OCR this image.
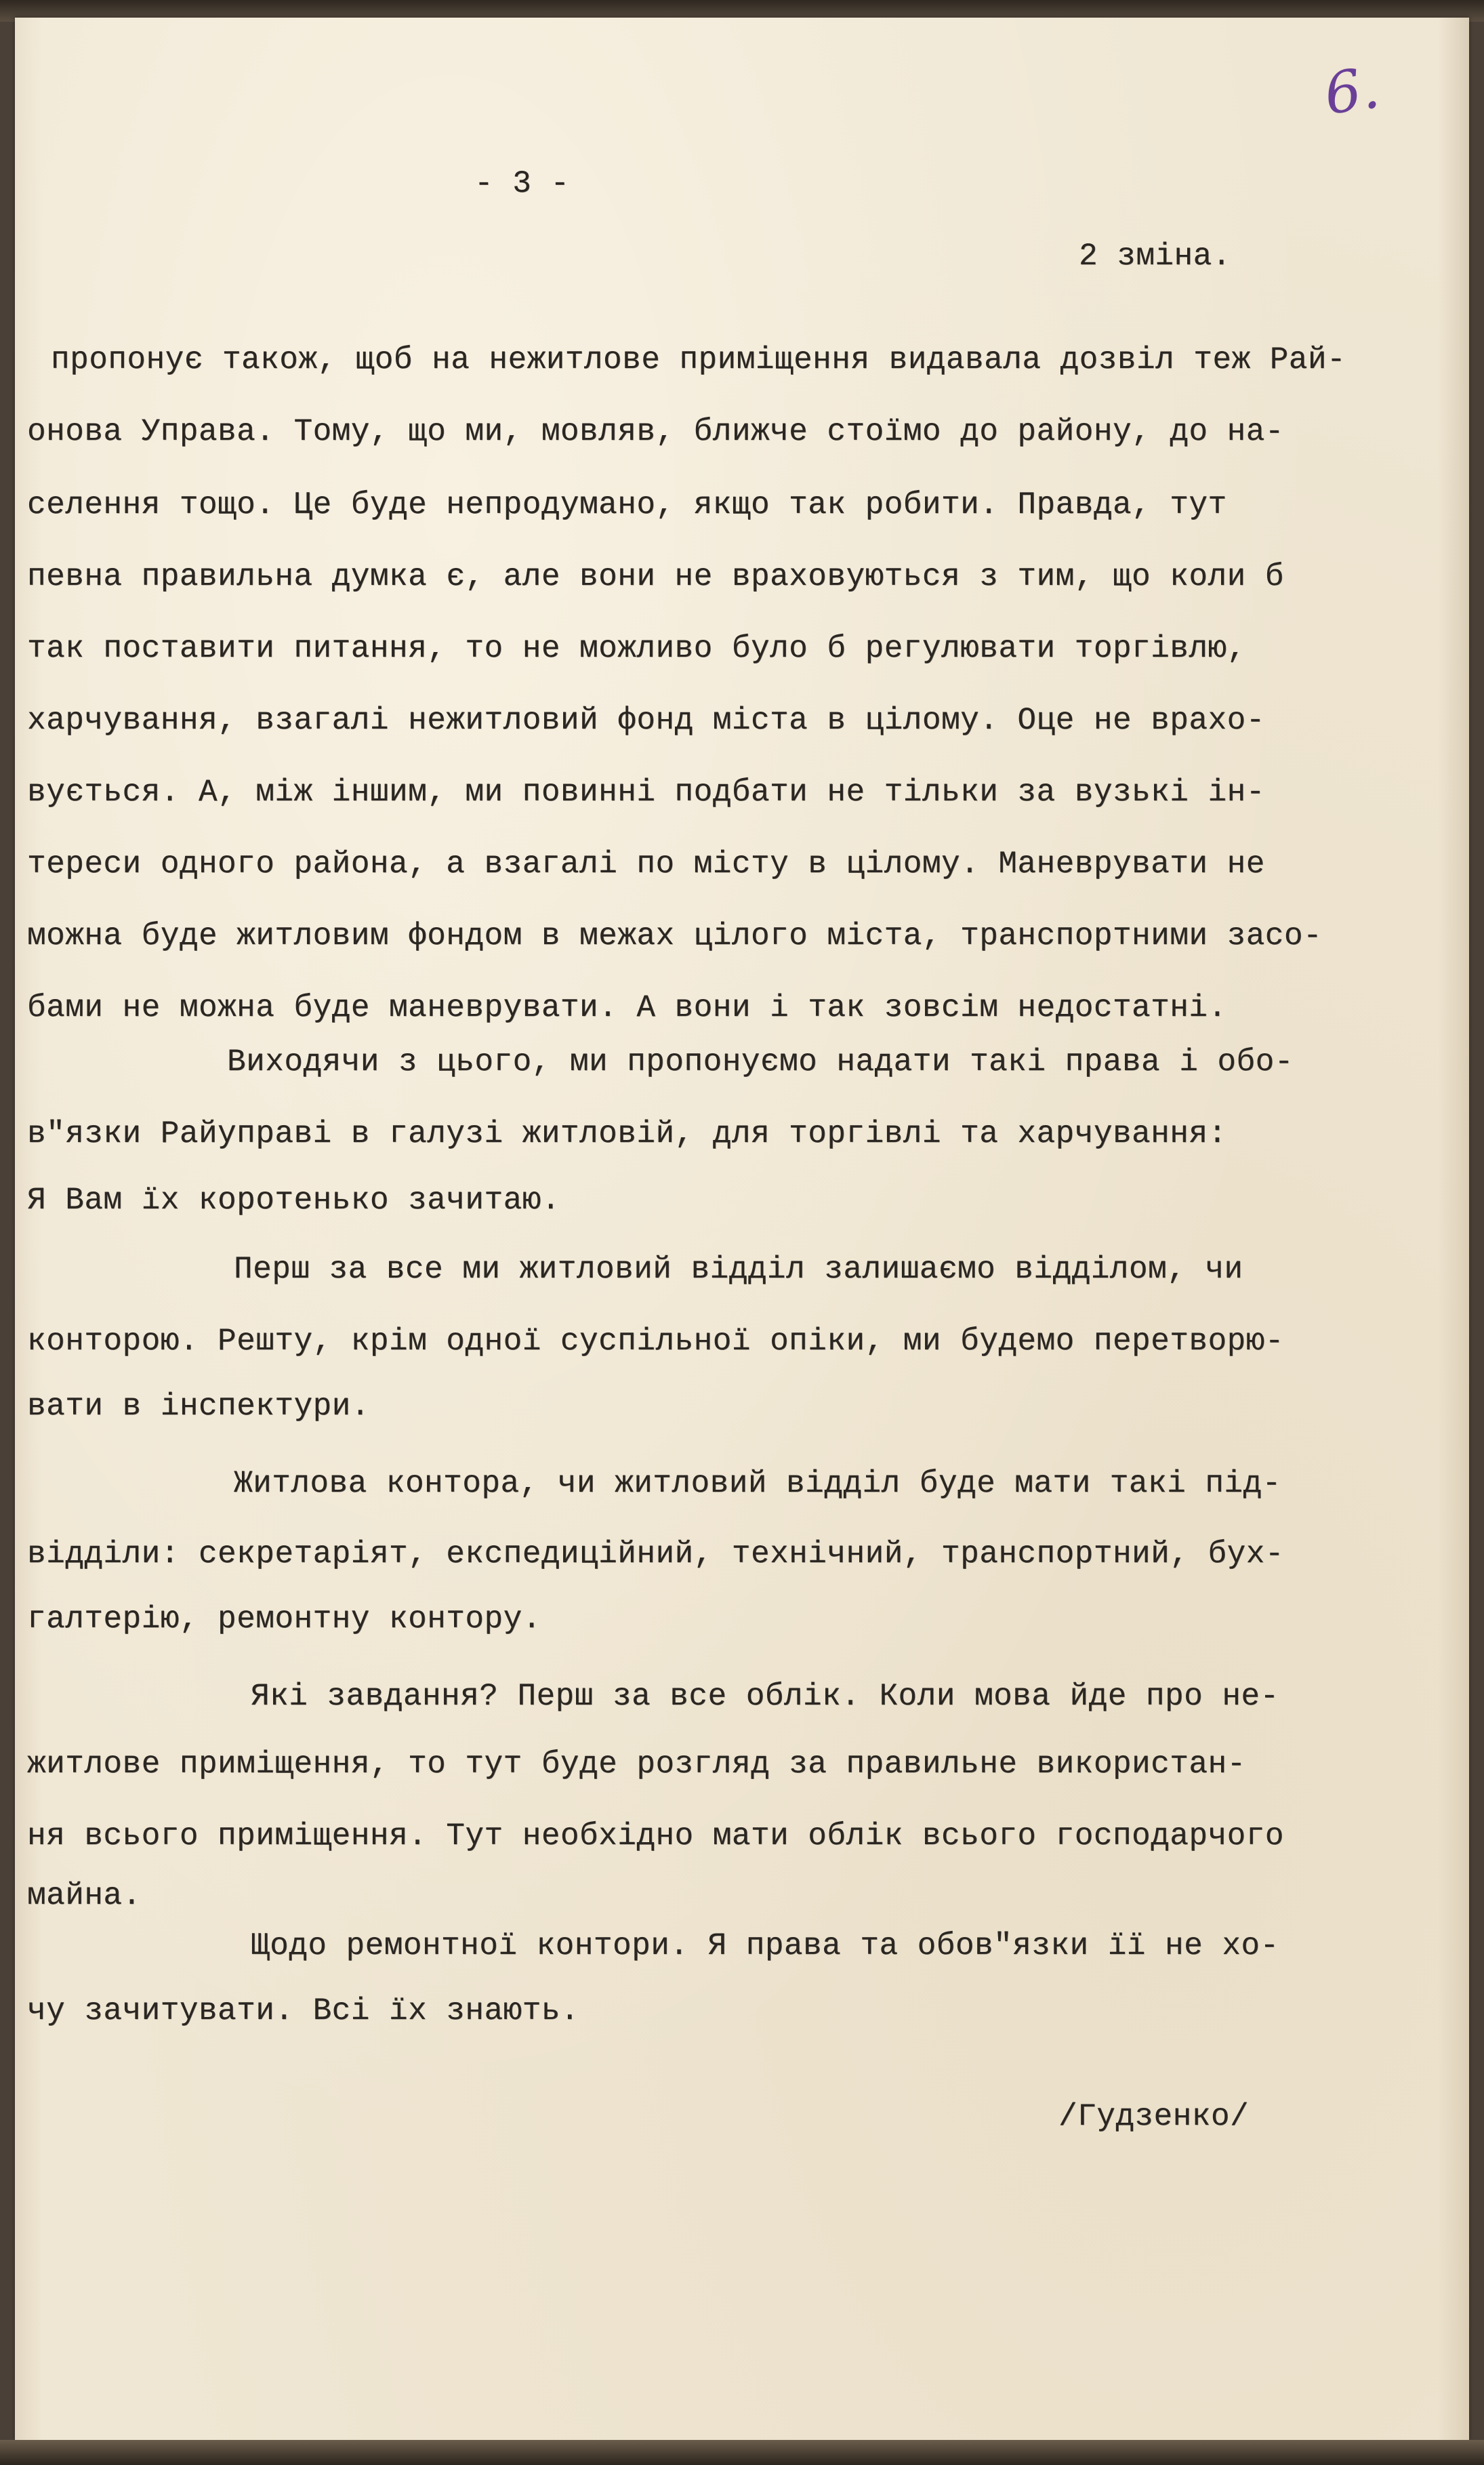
6.
- 3 -
2 зміна.
пропонує також, щоб на нежитлове приміщення видавала дозвіл теж Рай-
онова Управа. Тому, що ми, мовляв, ближче стоїмо до району, до на-
селення тощо. Це буде непродумано, якщо так робити. Правда, тут
певна правильна думка є, але вони не враховуються з тим, що коли б
так поставити питання, то не можливо було б регулювати торгівлю,
харчування, взагалі нежитловий фонд міста в цілому. Оце не врахо-
вується. А, між іншим, ми повинні подбати не тільки за вузькі ін-
тереси одного района, а взагалі по місту в цілому. Маневрувати не
можна буде житловим фондом в межах цілого міста, транспортними засо-
бами не можна буде маневрувати. А вони і так зовсім недостатні.
Виходячи з цього, ми пропонуємо надати такі права і обо-
в"язки Райуправі в галузі житловій, для торгівлі та харчування:
Я Вам їх коротенько зачитаю.
Перш за все ми житловий відділ залишаємо відділом, чи
конторою. Решту, крім одної суспільної опіки, ми будемо перетворю-
вати в інспектури.
Житлова контора, чи житловий відділ буде мати такі під-
відділи: секретаріят, експедиційний, технічний, транспортний, бух-
галтерію, ремонтну контору.
Які завдання? Перш за все облік. Коли мова йде про не-
житлове приміщення, то тут буде розгляд за правильне використан-
ня всього приміщення. Тут необхідно мати облік всього господарчого
майна.
Щодо ремонтної контори. Я права та обов"язки її не хо-
чу зачитувати. Всі їх знають.
/Гудзенко/
